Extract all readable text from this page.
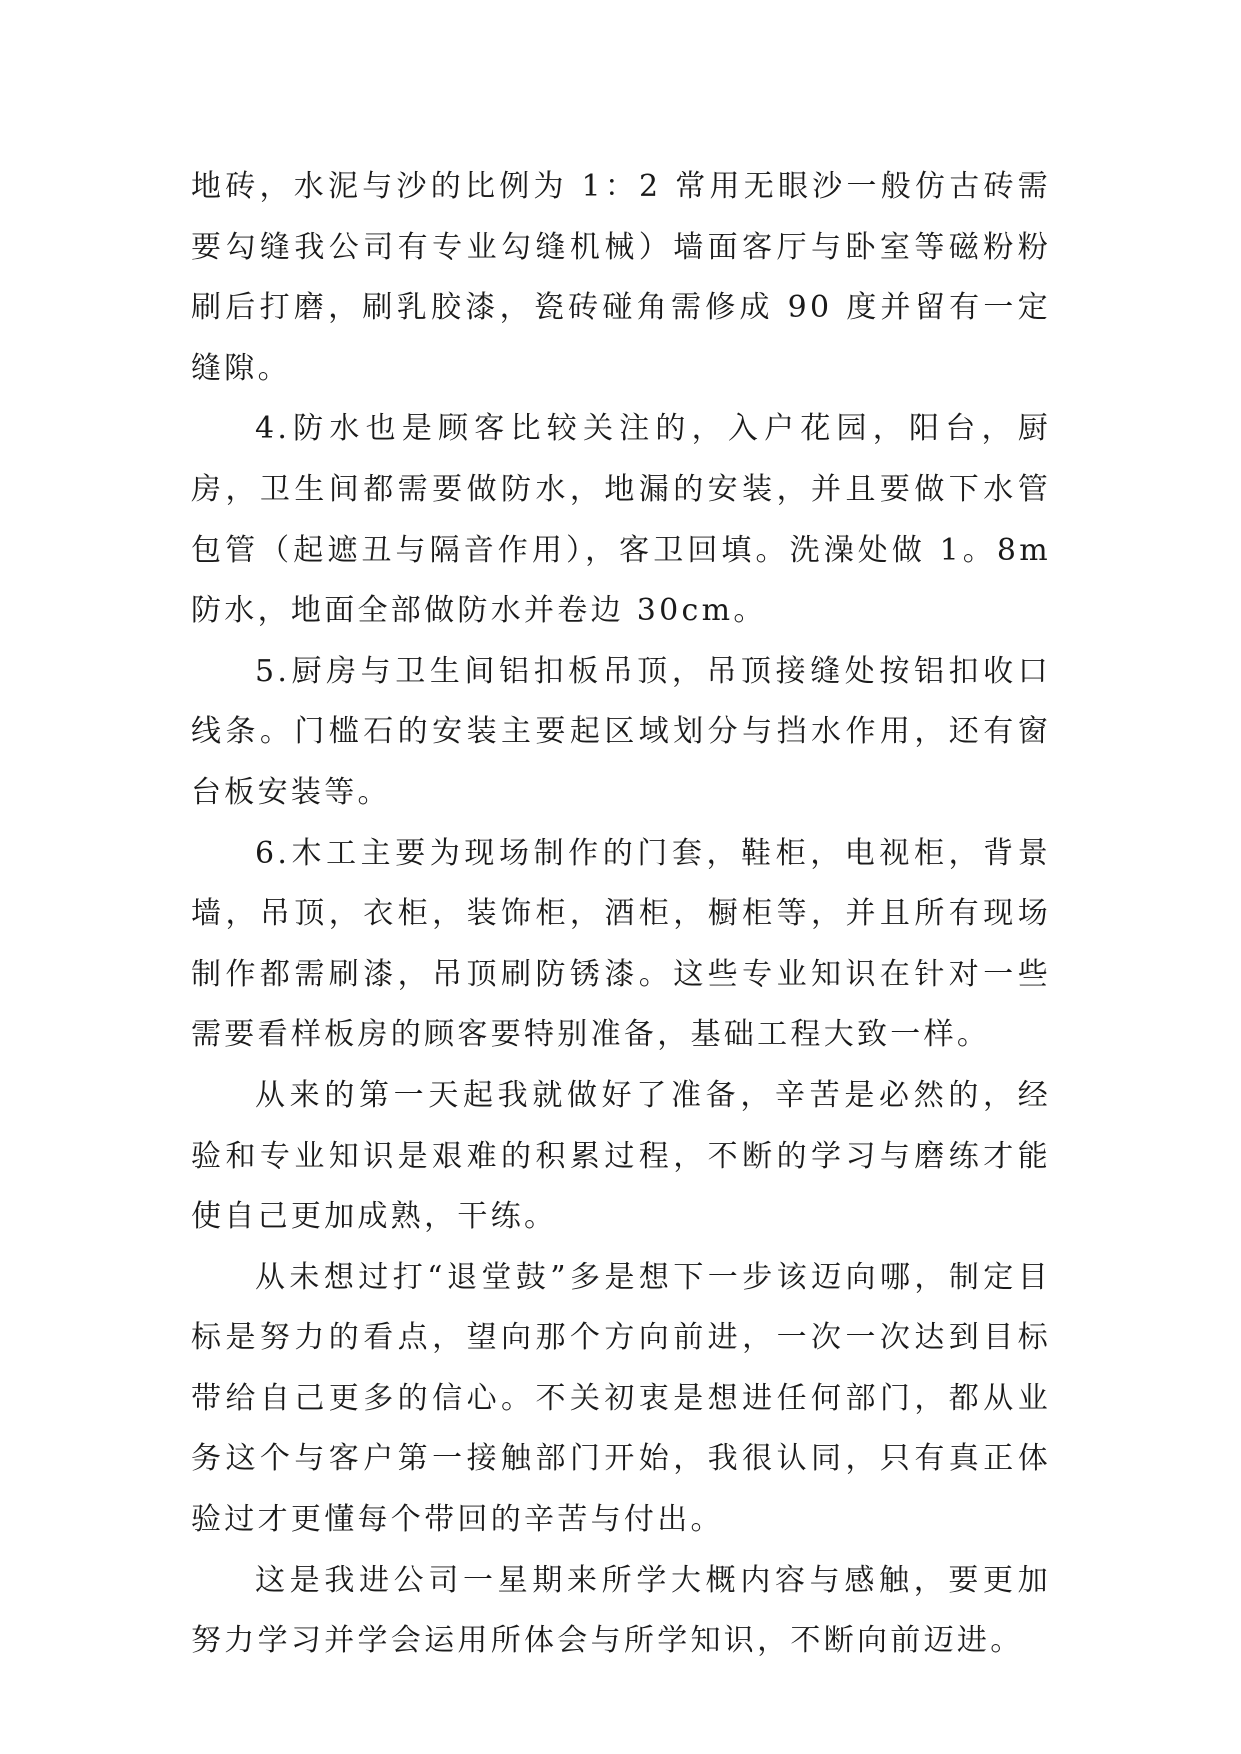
地砖，水泥与沙的比例为 1：2 常用无眼沙一般仿古砖需要勾缝我公司有专业勾缝机械）墙面客厅与卧室等磁粉粉刷后打磨，刷乳胶漆，瓷砖碰角需修成 90 度并留有一定缝隙。

4.防水也是顾客比较关注的，入户花园，阳台，厨房，卫生间都需要做防水，地漏的安装，并且要做下水管包管（起遮丑与隔音作用），客卫回填。洗澡处做 1。8m 防水，地面全部做防水并卷边 30cm。

5.厨房与卫生间铝扣板吊顶，吊顶接缝处按铝扣收口线条。门槛石的安装主要起区域划分与挡水作用，还有窗台板安装等。

6.木工主要为现场制作的门套，鞋柜，电视柜，背景墙，吊顶，衣柜，装饰柜，酒柜，橱柜等，并且所有现场制作都需刷漆，吊顶刷防锈漆。这些专业知识在针对一些需要看样板房的顾客要特别准备，基础工程大致一样。

从来的第一天起我就做好了准备，辛苦是必然的，经验和专业知识是艰难的积累过程，不断的学习与磨练才能使自己更加成熟，干练。

从未想过打“退堂鼓”多是想下一步该迈向哪，制定目标是努力的看点，望向那个方向前进，一次一次达到目标带给自己更多的信心。不关初衷是想进任何部门，都从业务这个与客户第一接触部门开始，我很认同，只有真正体验过才更懂每个带回的辛苦与付出。

这是我进公司一星期来所学大概内容与感触，要更加努力学习并学会运用所体会与所学知识，不断向前迈进。
